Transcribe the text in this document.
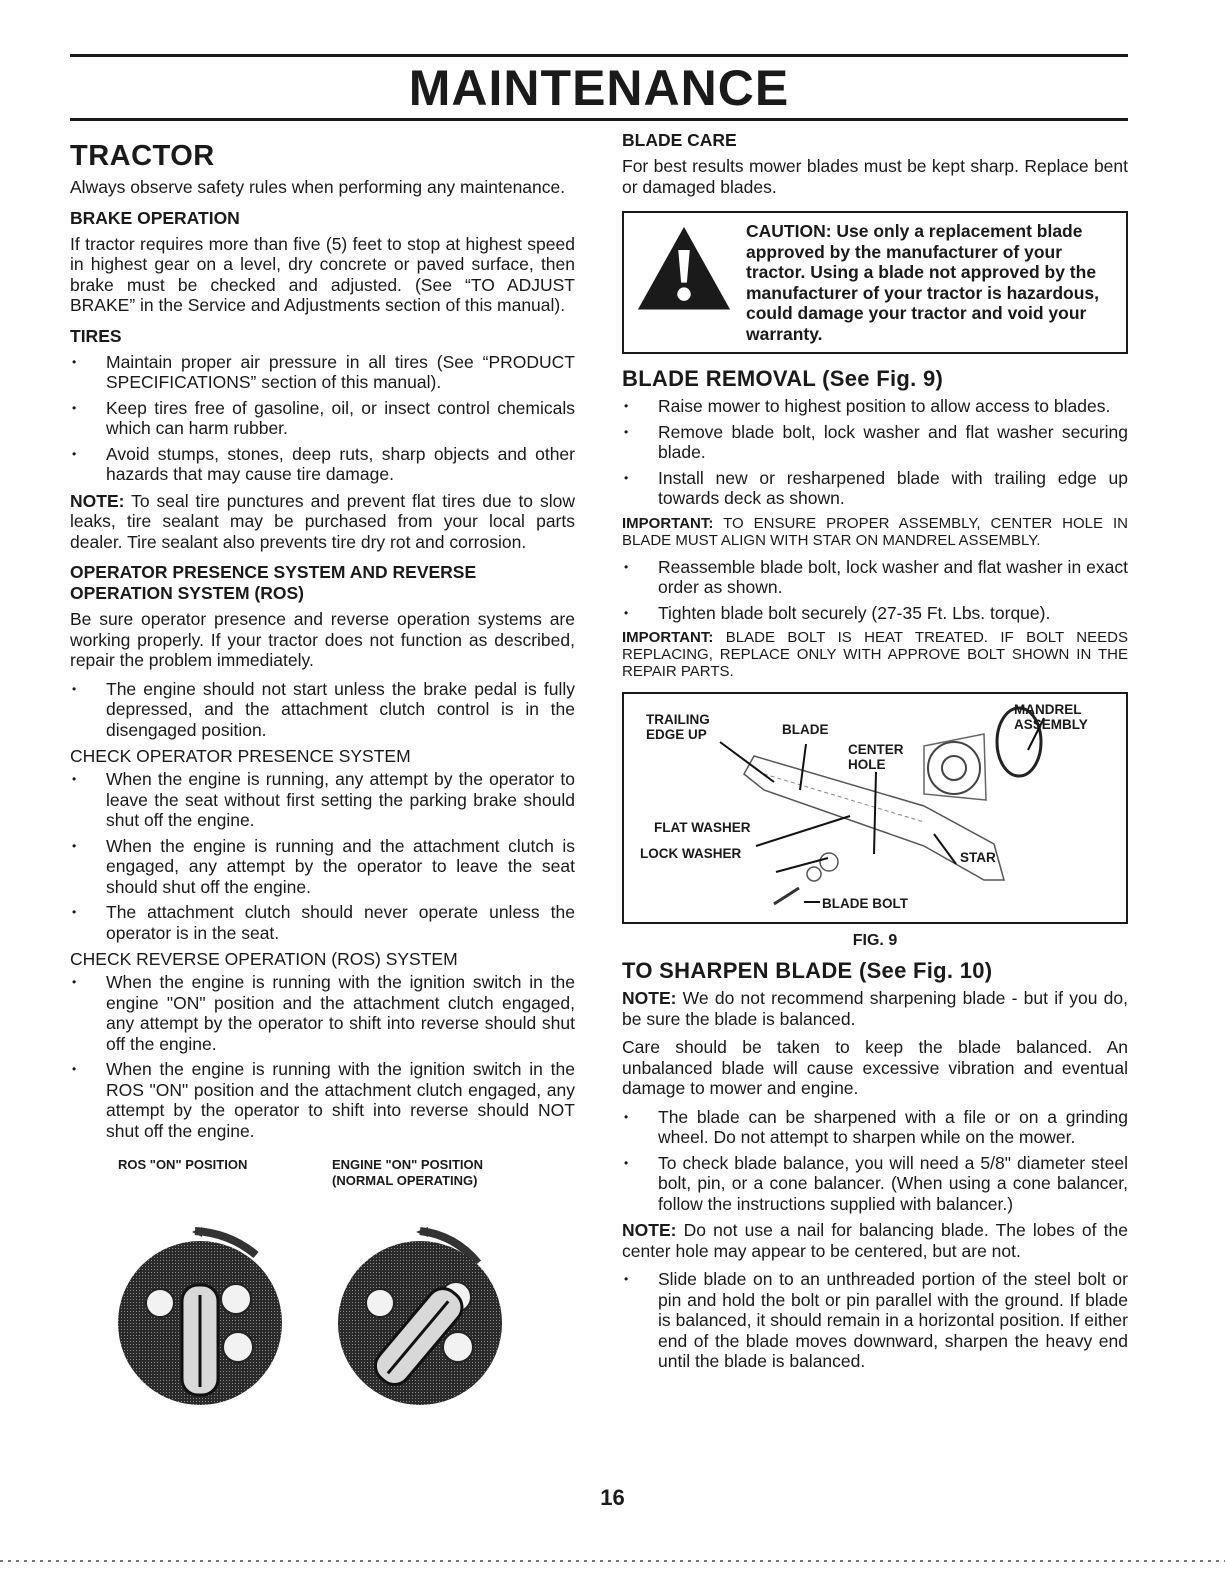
MAINTENANCE
TRACTOR

Always observe safety rules when performing any maintenance.

BRAKE OPERATION

If tractor requires more than five (5) feet to stop at highest speed in highest gear on a level, dry concrete or paved surface, then brake must be checked and adjusted. (See “TO ADJUST BRAKE” in the Service and Adjustments section of this manual).

TIRES
• Maintain proper air pressure in all tires (See “PRODUCT SPECIFICATIONS” section of this manual).
• Keep tires free of gasoline, oil, or insect control chemicals which can harm rubber.
• Avoid stumps, stones, deep ruts, sharp objects and other hazards that may cause tire damage.

NOTE: To seal tire punctures and prevent flat tires due to slow leaks, tire sealant may be purchased from your local parts dealer. Tire sealant also prevents tire dry rot and corrosion.

OPERATOR PRESENCE SYSTEM AND REVERSE OPERATION SYSTEM (ROS)

Be sure operator presence and reverse operation systems are working properly. If your tractor does not function as described, repair the problem immediately.

• The engine should not start unless the brake pedal is fully depressed, and the attachment clutch control is in the disengaged position.
CHECK OPERATOR PRESENCE SYSTEM
• When the engine is running, any attempt by the operator to leave the seat without first setting the parking brake should shut off the engine.
• When the engine is running and the attachment clutch is engaged, any attempt by the operator to leave the seat should shut off the engine.
• The attachment clutch should never operate unless the operator is in the seat.
CHECK REVERSE OPERATION (ROS) SYSTEM
• When the engine is running with the ignition switch in the engine "ON" position and the attachment clutch engaged, any attempt by the operator to shift into reverse should shut off the engine.
• When the engine is running with the ignition switch in the ROS "ON" position and the attachment clutch engaged, any attempt by the operator to shift into reverse should NOT shut off the engine.
ROS "ON" POSITION	ENGINE "ON" POSITION
(NORMAL OPERATING)
BLADE CARE

For best results mower blades must be kept sharp. Replace bent or damaged blades.

CAUTION: Use only a replacement blade approved by the manufacturer of your tractor. Using a blade not approved by the manufacturer of your tractor is hazardous, could damage your tractor and void your warranty.
BLADE REMOVAL (See Fig. 9)
• Raise mower to highest position to allow access to blades.
• Remove blade bolt, lock washer and flat washer securing blade.
• Install new or resharpened blade with trailing edge up towards deck as shown.

IMPORTANT: TO ENSURE PROPER ASSEMBLY, CENTER HOLE IN BLADE MUST ALIGN WITH STAR ON MANDREL ASSEMBLY.

• Reassemble blade bolt, lock washer and flat washer in exact order as shown.
• Tighten blade bolt securely (27-35 Ft. Lbs. torque).

IMPORTANT: BLADE BOLT IS HEAT TREATED. IF BOLT NEEDS REPLACING, REPLACE ONLY WITH APPROVE BOLT SHOWN IN THE REPAIR PARTS.

MANDREL
ASSEMBLY
TRAILING
EDGE UP	BLADE
CENTER
HOLE
FLAT WASHER
LOCK WASHER	STAR
BLADE BOLT
FIG. 9
TO SHARPEN BLADE (See Fig. 10)

NOTE: We do not recommend sharpening blade - but if you do, be sure the blade is balanced.

Care should be taken to keep the blade balanced. An unbalanced blade will cause excessive vibration and eventual damage to mower and engine.

• The blade can be sharpened with a file or on a grinding wheel. Do not attempt to sharpen while on the mower.
• To check blade balance, you will need a 5/8" diameter steel bolt, pin, or a cone balancer. (When using a cone balancer, follow the instructions supplied with balancer.)

NOTE: Do not use a nail for balancing blade. The lobes of the center hole may appear to be centered, but are not.

• Slide blade on to an unthreaded portion of the steel bolt or pin and hold the bolt or pin parallel with the ground. If blade is balanced, it should remain in a horizontal position. If either end of the blade moves downward, sharpen the heavy end until the blade is balanced.
16
